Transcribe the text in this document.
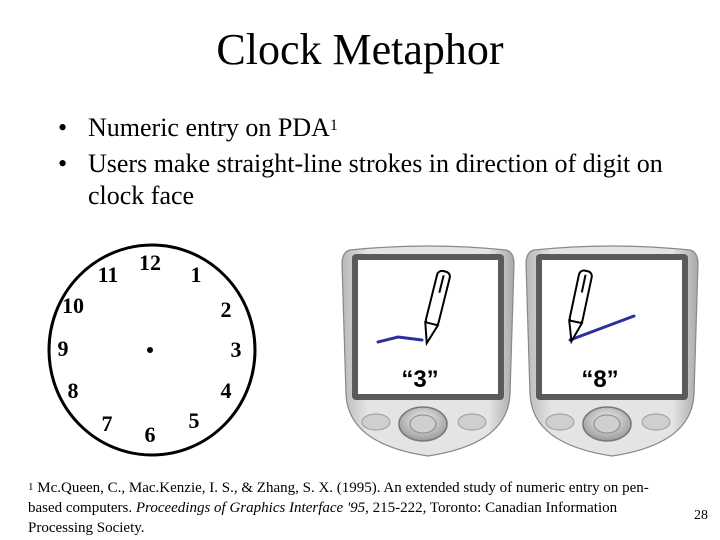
Clock Metaphor
• Numeric entry on PDA$^1$
• Users make straight-line strokes in direction of digit on clock face
12 1
2
3
4
5
6
7
8
9
10
11
“3”	“8”
$^1$ Mc.Queen, C., Mac.Kenzie, I. S., & Zhang, S. X. (1995). An extended study of numeric entry on pen-based computers. Proceedings of Graphics Interface '95, 215-222, Toronto: Canadian Information Processing Society.
28
